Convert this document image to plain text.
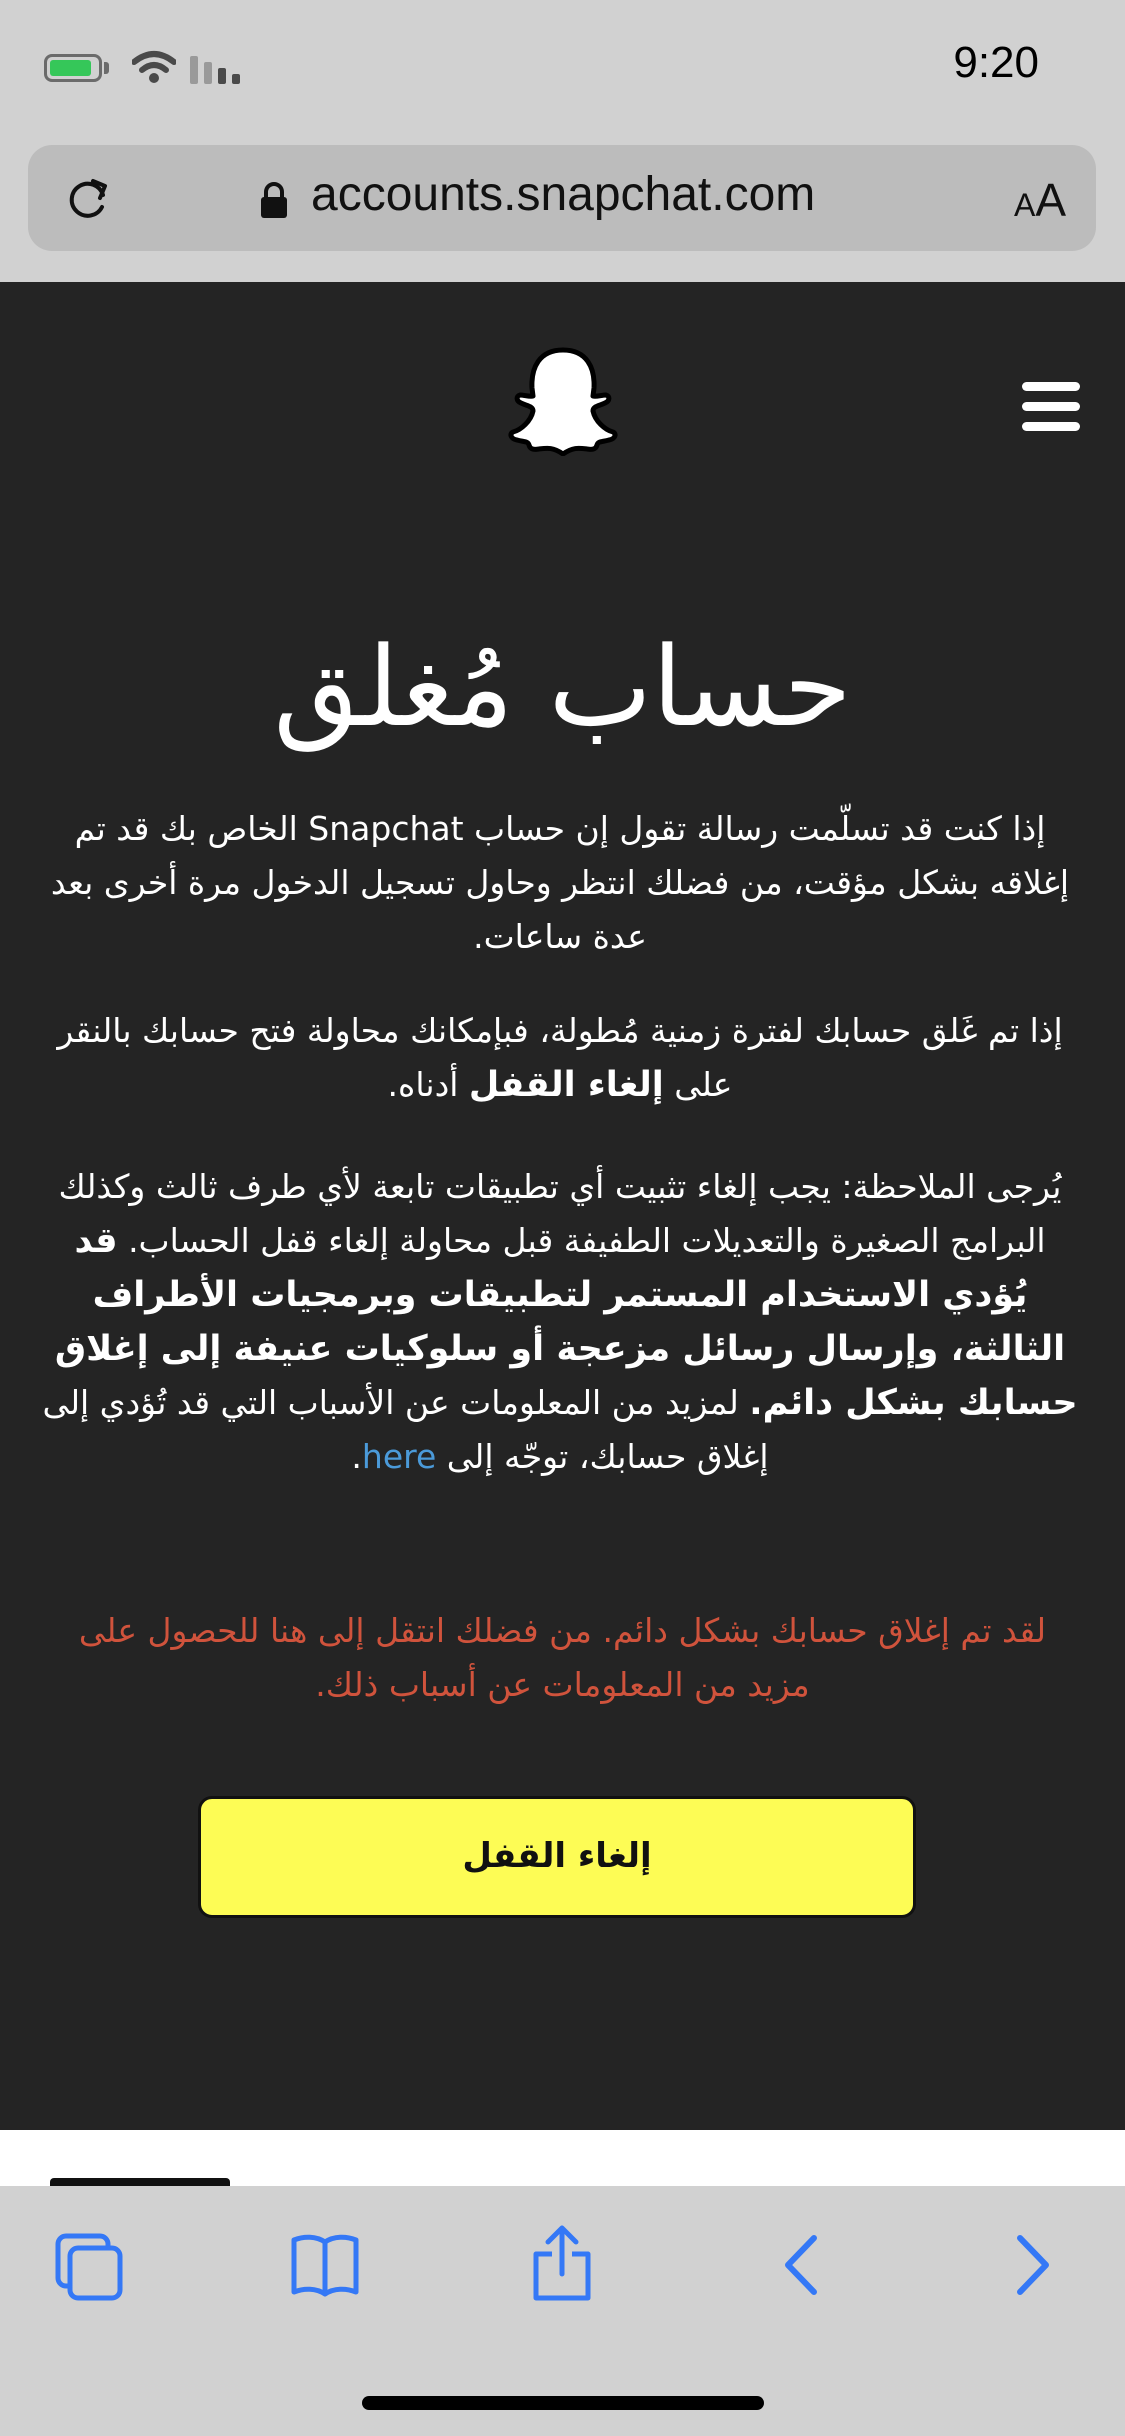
9:20
accounts.snapchat.com	AA
حساب مُغلق
إذا كنت قد تسلّمت رسالة تقول إن حساب Snapchat الخاص بك قد تم إغلاقه بشكل مؤقت، من فضلك انتظر وحاول تسجيل الدخول مرة أخرى بعد عدة ساعات.
إذا تم غَلق حسابك لفترة زمنية مُطولة، فبإمكانك محاولة فتح حسابك بالنقر على إلغاء القفل أدناه.
يُرجى الملاحظة: يجب إلغاء تثبيت أي تطبيقات تابعة لأي طرف ثالث وكذلك البرامج الصغيرة والتعديلات الطفيفة قبل محاولة إلغاء قفل الحساب. قد يُؤدي الاستخدام المستمر لتطبيقات وبرمجيات الأطراف الثالثة، وإرسال رسائل مزعجة أو سلوكيات عنيفة إلى إغلاق حسابك بشكل دائم. لمزيد من المعلومات عن الأسباب التي قد تُؤدي إلى إغلاق حسابك، توجّه إلى here.
لقد تم إغلاق حسابك بشكل دائم. من فضلك انتقل إلى هنا للحصول على مزيد من المعلومات عن أسباب ذلك.
إلغاء القفل
